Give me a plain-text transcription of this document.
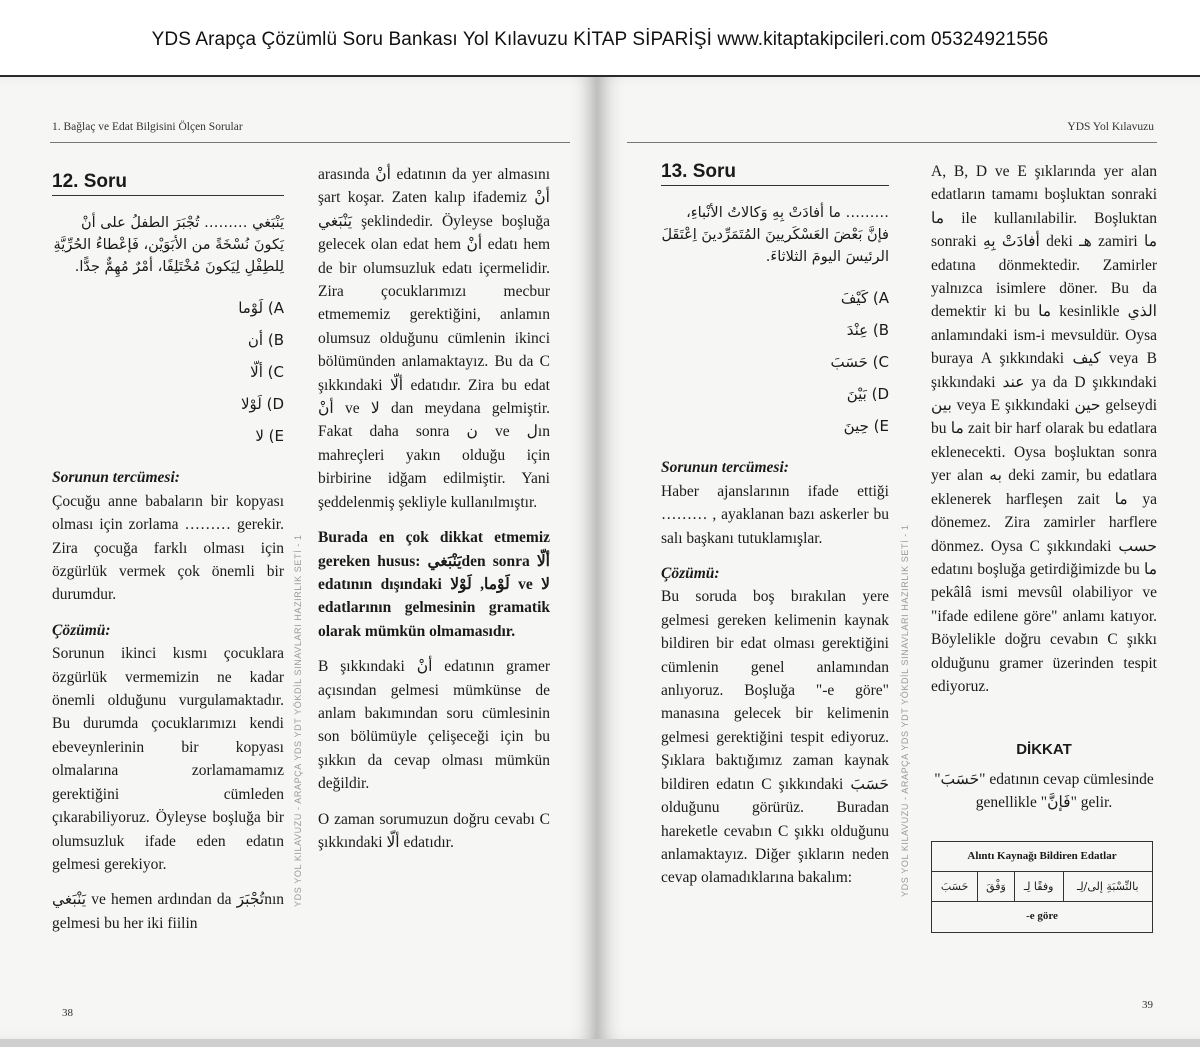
YDS Arapça Çözümlü Soru Bankası Yol Kılavuzu KİTAP SİPARİŞİ www.kitaptakipcileri.com 05324921556
1. Bağlaç ve Edat Bilgisini Ölçen Sorular
12. Soru

يَنْبَغي ……… تُجْبَرَ الطفلُ على أنْ يَكونَ نُسْخَةً من الأبَوَيْن، فَإعْطاءُ الحُرِّيَّةِ لِلطِفْلِ لِيَكونَ مُخْتَلِفًا، أمْرٌ مُهِمٌّ جدًّا.

A) لَوْما
B) أن
C) ألّا
D) لَوْلا
E) لا

Sorunun tercümesi:

Çocuğu anne babaların bir kopyası olması için zorlama ……… gerekir. Zira çocuğa farklı olması için özgürlük vermek çok önemli bir durumdur.

Çözümü:

Sorunun ikinci kısmı çocuklara özgürlük vermemizin ne kadar önemli olduğunu vurgulamaktadır. Bu durumda çocuklarımızı kendi ebeveynlerinin bir kopyası olmalarına zorlamamamız gerektiğini cümleden çıkarabiliyoruz. Öyleyse boşluğa bir olumsuzluk ifade eden edatın gelmesi gerekiyor.

يَنْبَغي ve hemen ardından da تُجْبَرَnın gelmesi bu her iki fiilin

YDS YOL KILAVUZU - ARAPÇA YDS YDT YÖKDİL SINAVLARI HAZIRLIK SETİ - 1

arasında أنْ edatının da yer almasını şart koşar. Zaten kalıp ifademiz أنْ يَنْبَغي şeklindedir. Öyleyse boşluğa gelecek olan edat hem أنْ edatı hem de bir olumsuzluk edatı içermelidir. Zira çocuklarımızı mecbur etmememiz gerektiğini, anlamın olumsuz olduğunu cümlenin ikinci bölümünden anlamaktayız. Bu da C şıkkındaki ألّا edatıdır. Zira bu edat أنْ ve لا dan meydana gelmiştir. Fakat daha sonra ن ve لın mahreçleri yakın olduğu için birbirine idğam edilmiştir. Yani şeddelenmiş şekliyle kullanılmıştır.

Burada en çok dikkat etmemiz gereken husus: يَنْبَغيden sonra ألّا edatının dışındaki لَوْما, لَوْلا ve لا edatlarının gelmesinin gramatik olarak mümkün olmamasıdır.

B şıkkındaki أنْ edatının gramer açısından gelmesi mümkünse de anlam bakımından soru cümlesinin son bölümüyle çelişeceği için bu şıkkın da cevap olması mümkün değildir.

O zaman sorumuzun doğru cevabı C şıkkındaki ألّا edatıdır.

38
YDS Yol Kılavuzu
13. Soru

……… ما أفادَتْ بِهِ وَكالاتُ الأنْباءِ، فإنَّ بَعْضَ العَسْكَريينَ المُتَمَرِّدينَ اِعْتَقَلَ الرئيسَ اليومَ الثلاثاءَ.

A) كَيْفَ
B) عِنْدَ
C) حَسَبَ
D) بَيْنَ
E) حِينَ

Sorunun tercümesi:

Haber ajanslarının ifade ettiği ……… , ayaklanan bazı askerler bu salı başkanı tutuklamışlar.

Çözümü:

Bu soruda boş bırakılan yere gelmesi gereken kelimenin kaynak bildiren bir edat olması gerektiğini cümlenin genel anlamından anlıyoruz. Boşluğa "-e göre" manasına gelecek bir kelimenin gelmesi gerektiğini tespit ediyoruz. Şıklara baktığımız zaman kaynak bildiren edatın C şıkkındaki حَسَبَ olduğunu görürüz. Buradan hareketle cevabın C şıkkı olduğunu anlamaktayız. Diğer şıkların neden cevap olamadıklarına bakalım:	YDS YOL KILAVUZU - ARAPÇA YDS YDT YÖKDİL SINAVLARI HAZIRLIK SETİ - 1

A, B, D ve E şıklarında yer alan edatların tamamı boşluktan sonraki ما ile kullanılabilir. Boşluktan sonraki أفادَتْ بِهِ deki هـ zamiri ما edatına dönmektedir. Zamirler yalnızca isimlere döner. Bu da demektir ki bu ما kesinlikle الذي anlamındaki ism-i mevsuldür. Oysa buraya A şıkkındaki كيف veya B şıkkındaki عند ya da D şıkkındaki بين veya E şıkkındaki حين gelseydi bu ما zait bir harf olarak bu edatlara eklenecekti. Oysa boşluktan sonra yer alan به deki zamir, bu edatlara eklenerek harfleşen zait ما ya dönemez. Zira zamirler harflere dönmez. Oysa C şıkkındaki حسب edatını boşluğa getirdiğimizde bu ما pekâlâ ismi mevsûl olabiliyor ve "ifade edilene göre" anlamı katıyor. Böylelikle doğru cevabın C şıkkı olduğunu gramer üzerinden tespit ediyoruz.

DİKKAT

"حَسَبَ" edatının cevap cümlesinde genellikle "فَإنَّ" gelir.

Alıntı Kaynağı Bildiren Edatlar
حَسَبَ	وَفْقَ	وفقًا لِـ	بالنِّسْبَةِ إلى/لِـ
-e göre
39
